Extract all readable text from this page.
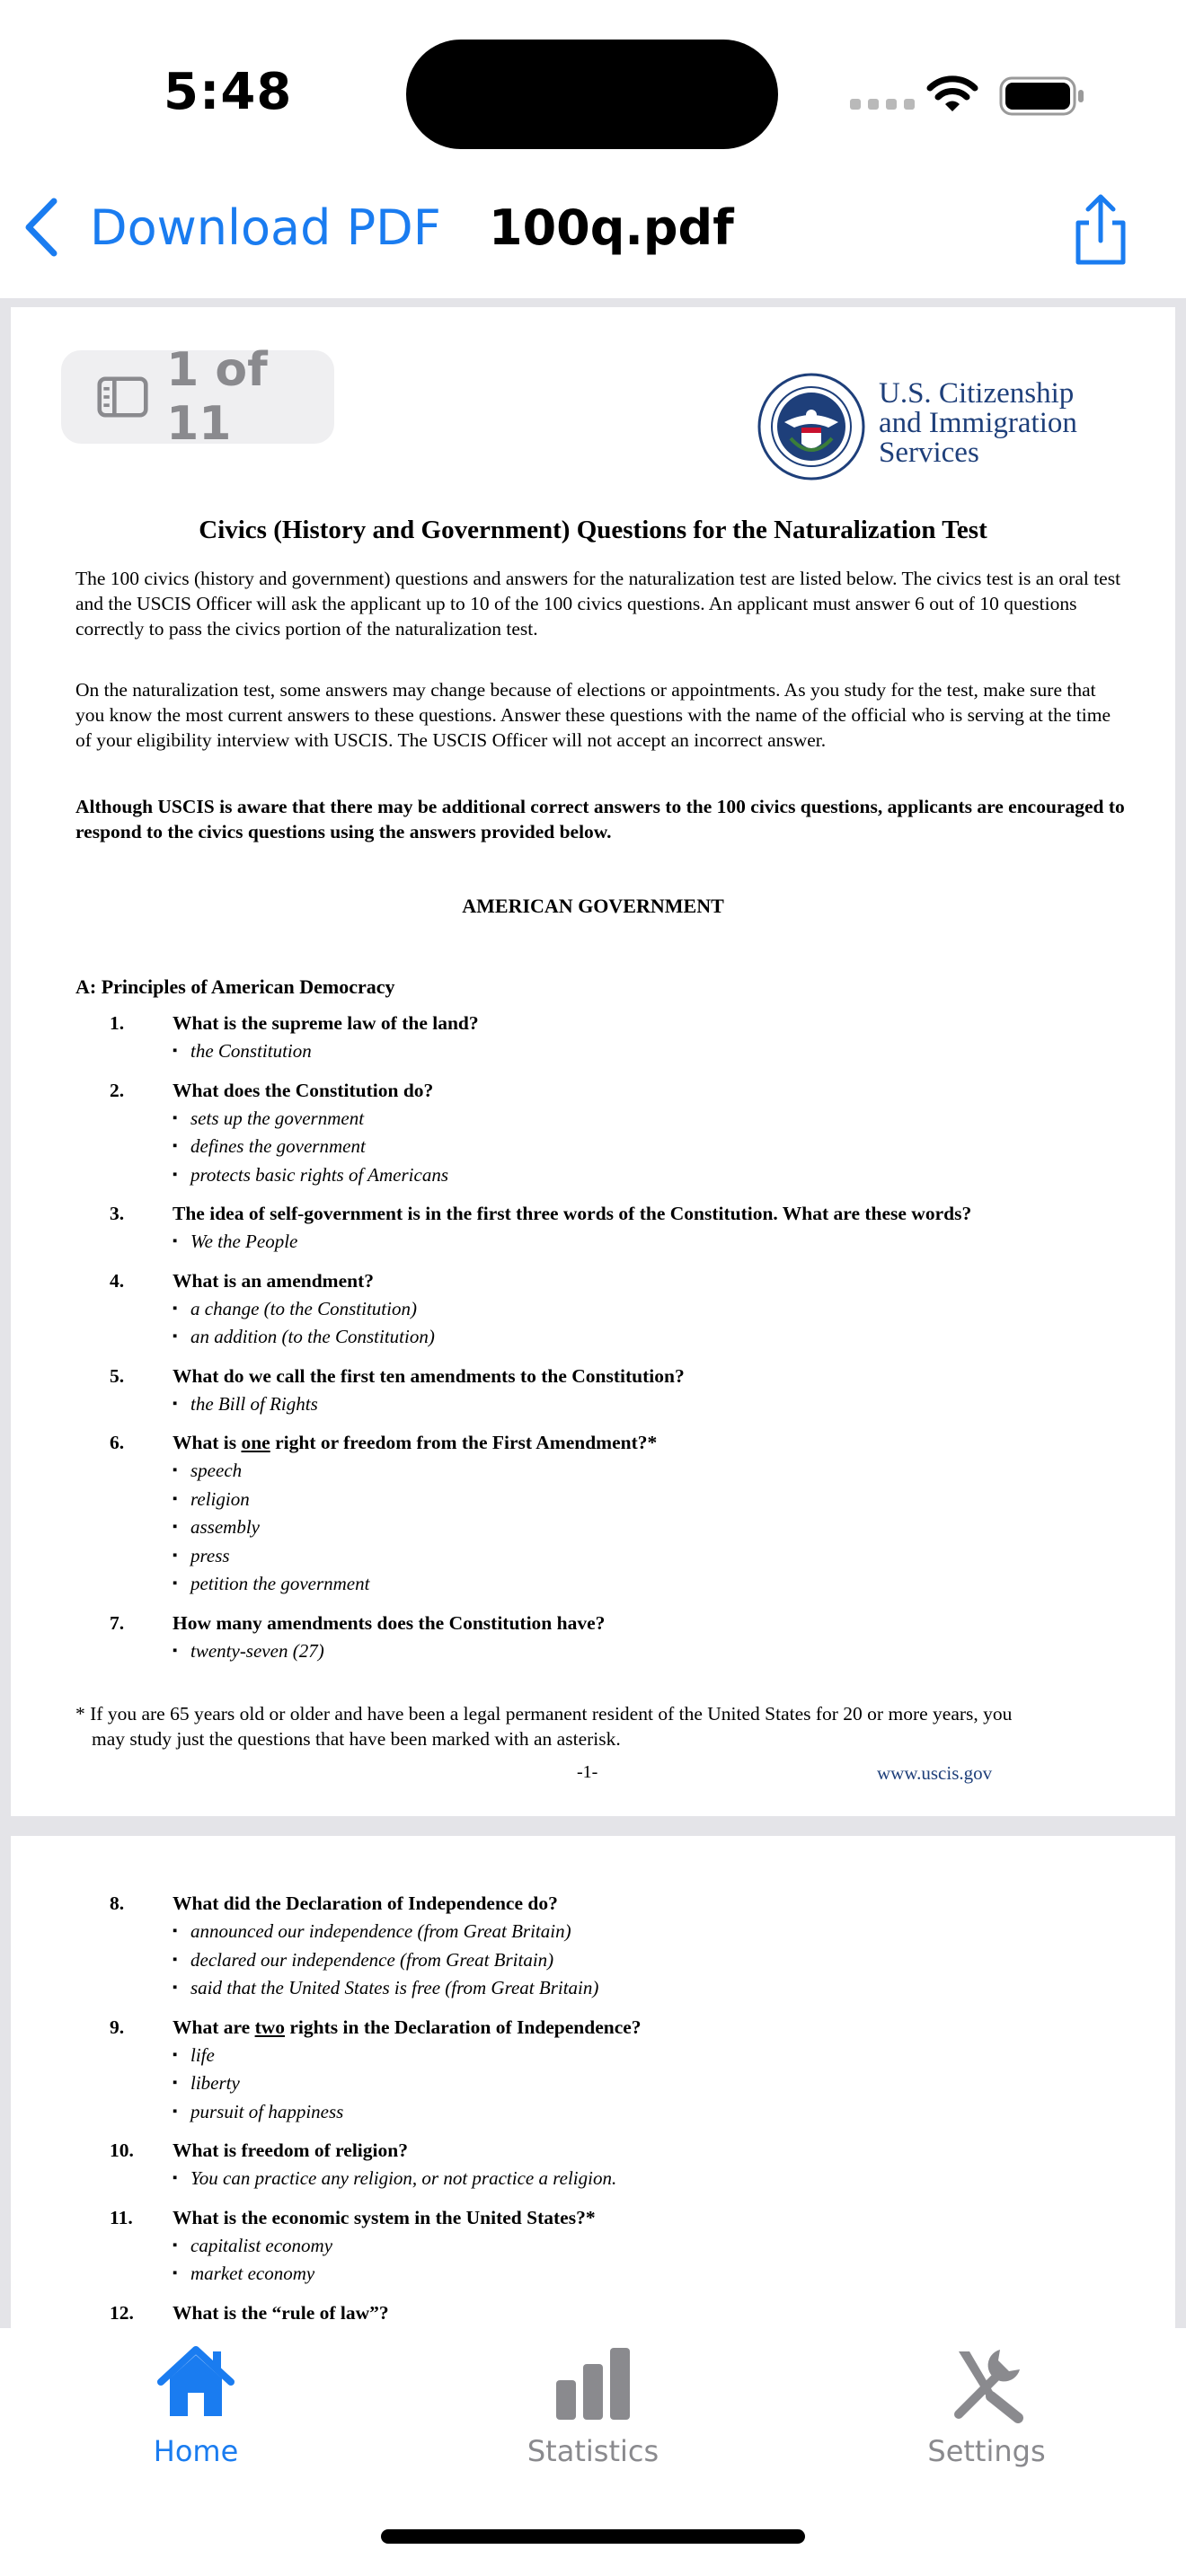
5:48
Download PDF 100q.pdf
1 of 11
U.S. Citizenship
and Immigration
Services
Civics (History and Government) Questions for the Naturalization Test
The 100 civics (history and government) questions and answers for the naturalization test are listed below. The civics test is an oral test and the USCIS Officer will ask the applicant up to 10 of the 100 civics questions. An applicant must answer 6 out of 10 questions correctly to pass the civics portion of the naturalization test.
On the naturalization test, some answers may change because of elections or appointments. As you study for the test, make sure that you know the most current answers to these questions. Answer these questions with the name of the official who is serving at the time of your eligibility interview with USCIS. The USCIS Officer will not accept an incorrect answer.
Although USCIS is aware that there may be additional correct answers to the 100 civics questions, applicants are encouraged to respond to the civics questions using the answers provided below.
AMERICAN GOVERNMENT
A: Principles of American Democracy
1.	What is the supreme law of the land?
▪ the Constitution
2.	What does the Constitution do?
▪ sets up the government
▪ defines the government
▪ protects basic rights of Americans
3.	The idea of self-government is in the first three words of the Constitution. What are these words?
▪ We the People
4.	What is an amendment?
▪ a change (to the Constitution)
▪ an addition (to the Constitution)
5.	What do we call the first ten amendments to the Constitution?
▪ the Bill of Rights
6.	What is one right or freedom from the First Amendment?*
▪ speech
▪ religion
▪ assembly
▪ press
▪ petition the government
7.	How many amendments does the Constitution have?
▪ twenty-seven (27)
* If you are 65 years old or older and have been a legal permanent resident of the United States for 20 or more years, you
may study just the questions that have been marked with an asterisk.
-1-	www.uscis.gov
8.	What did the Declaration of Independence do?
▪ announced our independence (from Great Britain)
▪ declared our independence (from Great Britain)
▪ said that the United States is free (from Great Britain)
9.	What are two rights in the Declaration of Independence?
▪ life
▪ liberty
▪ pursuit of happiness
10.	What is freedom of religion?
▪ You can practice any religion, or not practice a religion.
11.	What is the economic system in the United States?*
▪ capitalist economy
▪ market economy
12.	What is the “rule of law”?
Home	Statistics	Settings
